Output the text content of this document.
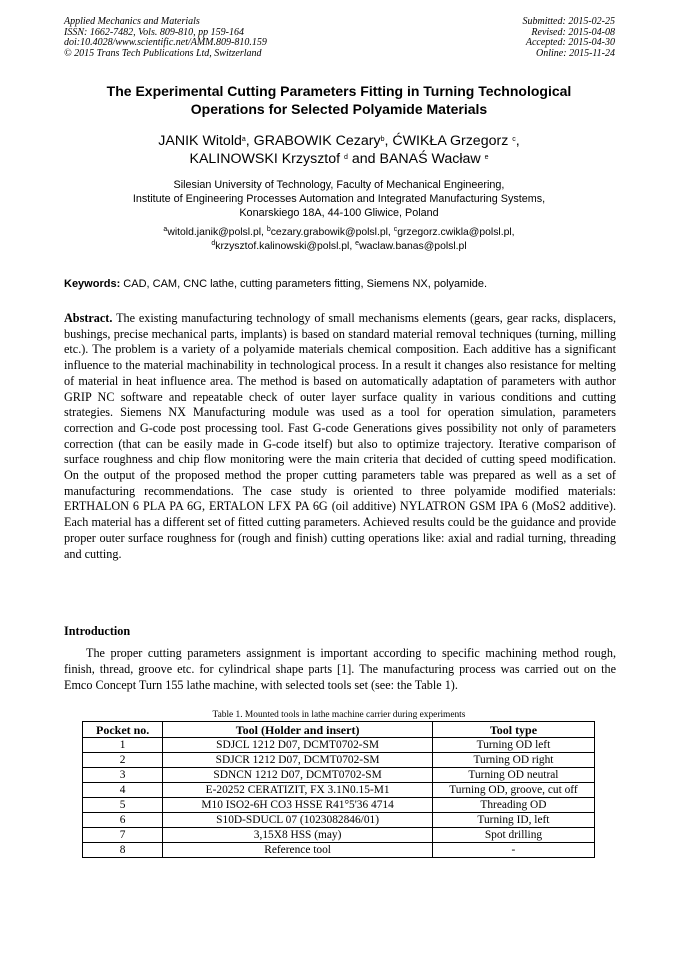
Applied Mechanics and Materials
ISSN: 1662-7482, Vols. 809-810, pp 159-164
doi:10.4028/www.scientific.net/AMM.809-810.159
© 2015 Trans Tech Publications Ltd, Switzerland
Submitted: 2015-02-25
Revised: 2015-04-08
Accepted: 2015-04-30
Online: 2015-11-24
The Experimental Cutting Parameters Fitting in Turning Technological
Operations for Selected Polyamide Materials
JANIK Witold$^a$, GRABOWIK Cezary$^b$, ĆWIKŁA Grzegorz $^c$,
KALINOWSKI Krzysztof $^d$ and BANAŚ Wacław $^e$
Silesian University of Technology, Faculty of Mechanical Engineering,
Institute of Engineering Processes Automation and Integrated Manufacturing Systems,
Konarskiego 18A, 44-100 Gliwice, Poland
$^a$witold.janik@polsl.pl, $^b$cezary.grabowik@polsl.pl, $^c$grzegorz.cwikla@polsl.pl,
$^d$krzysztof.kalinowski@polsl.pl, $^e$waclaw.banas@polsl.pl
Keywords: CAD, CAM, CNC lathe, cutting parameters fitting, Siemens NX, polyamide.
Abstract. The existing manufacturing technology of small mechanisms elements (gears, gear racks, displacers, bushings, precise mechanical parts, implants) is based on standard material removal techniques (turning, milling etc.). The problem is a variety of a polyamide materials chemical composition. Each additive has a significant influence to the material machinability in technological process. In a result it changes also resistance for melting of material in heat influence area. The method is based on automatically adaptation of parameters with author GRIP NC software and repeatable check of outer layer surface quality in various conditions and cutting strategies. Siemens NX Manufacturing module was used as a tool for operation simulation, parameters correction and G-code post processing tool. Fast G-code Generations gives possibility not only of parameters correction (that can be easily made in G-code itself) but also to optimize trajectory. Iterative comparison of surface roughness and chip flow monitoring were the main criteria that decided of cutting speed modification. On the output of the proposed method the proper cutting parameters table was prepared as well as a set of manufacturing recommendations. The case study is oriented to three polyamide modified materials: ERTHALON 6 PLA PA 6G, ERTALON LFX PA 6G (oil additive) NYLATRON GSM IPA 6 (MoS2 additive). Each material has a different set of fitted cutting parameters. Achieved results could be the guidance and provide proper outer surface roughness for (rough and finish) cutting operations like: axial and radial turning, threading and cutting.
Introduction
The proper cutting parameters assignment is important according to specific machining method rough, finish, thread, groove etc. for cylindrical shape parts [1]. The manufacturing process was carried out on the Emco Concept Turn 155 lathe machine, with selected tools set (see: the Table 1).
Table 1. Mounted tools in lathe machine carrier during experiments
Pocket no.	Tool (Holder and insert)	Tool type
1	SDJCL 1212 D07, DCMT0702-SM	Turning OD left
2	SDJCR 1212 D07, DCMT0702-SM	Turning OD right
3	SDNCN 1212 D07, DCMT0702-SM	Turning OD neutral
4	E-20252 CERATIZIT, FX 3.1N0.15-M1	Turning OD, groove, cut off
5	M10 ISO2-6H CO3 HSSE R41°5'36 4714	Threading OD
6	S10D-SDUCL 07 (1023082846/01)	Turning ID, left
7	3,15X8 HSS (may)	Spot drilling
8	Reference tool	-
